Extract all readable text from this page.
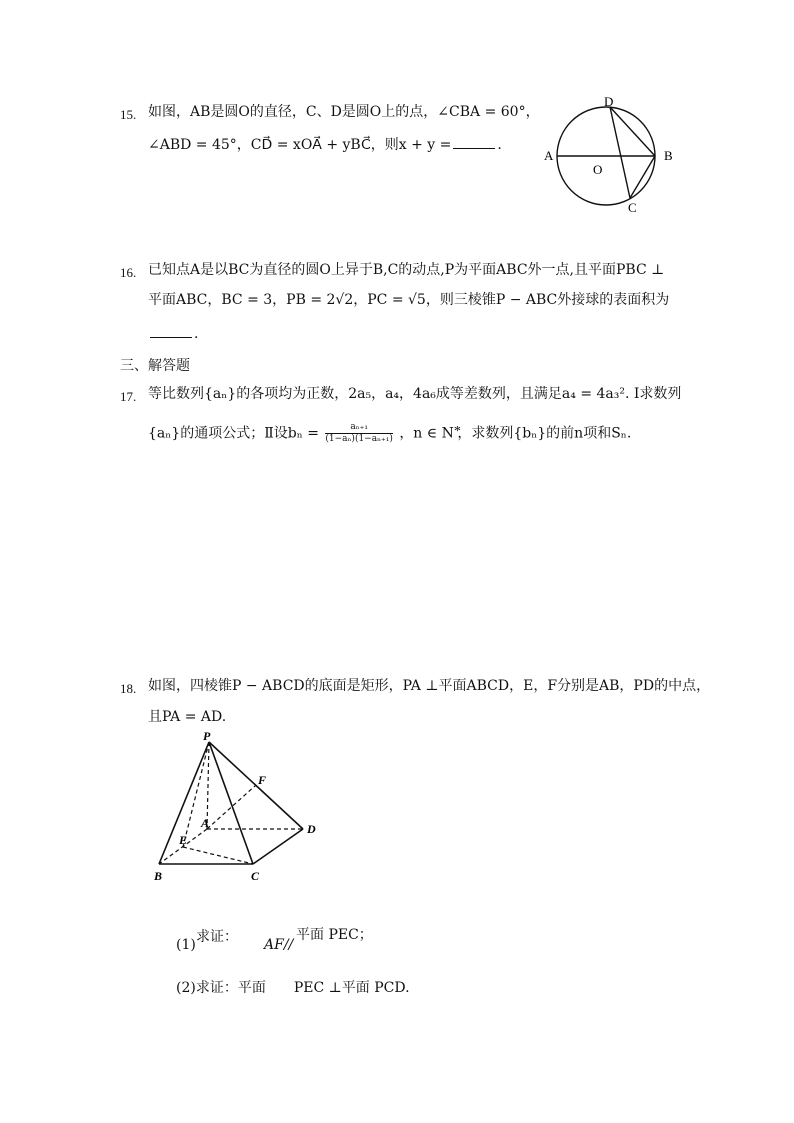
15. 如图，AB是圆O的直径，C、D是圆O上的点，∠CBA = 60°，
∠ABD = 45°，CD⃗ = xOA⃗ + yBC⃗，则x + y =	.
D
A	B
C
O
16. 已知点A是以BC为直径的圆O上异于B,C的动点,P为平面ABC外一点,且平面PBC ⊥
平面ABC，BC = 3，PB = 2√2，PC = √5，则三棱锥P − ABC外接球的表面积为
.
三、解答题
17. 等比数列{aₙ}的各项均为正数，2a₅，a₄，4a₆成等差数列，且满足a₄ = 4a₃². Ⅰ求数列
{aₙ}的通项公式；Ⅱ设$b_n = \frac{\text{aₙ₊₁}}{\text{(1−aₙ)(1−aₙ₊₁)}}$ ，n ∈ N ⃰，求数列{bₙ}的前n项和Sₙ.
18. 如图，四棱锥P − ABCD的底面是矩形，PA ⊥平面ABCD，E，F分别是AB，PD的中点，
且PA = AD.
P
F
A	D
E
B	C
(1) 求证： AF//
平面 PEC；
(2)求证：平面 PEC ⊥平面 PCD.
